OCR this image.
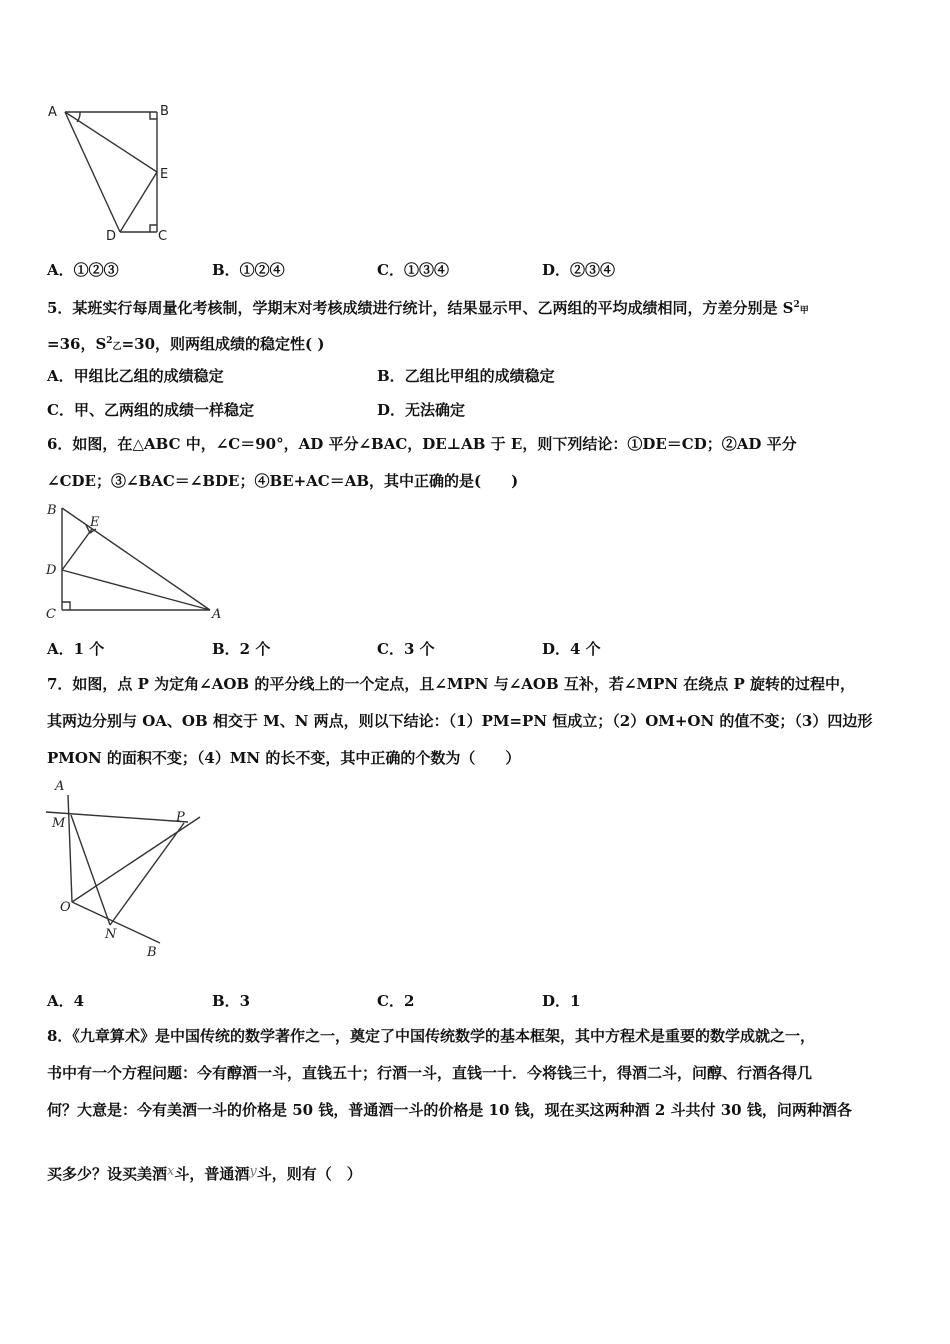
A	B
E
D	C
A．①②③	B．①②④	C．①③④	D．②③④
5．某班实行每周量化考核制，学期末对考核成绩进行统计，结果显示甲、乙两组的平均成绩相同，方差分别是 $S^2$甲
=36，$S^2$乙=30，则两组成绩的稳定性( )
A．甲组比乙组的成绩稳定	B．乙组比甲组的成绩稳定
C．甲、乙两组的成绩一样稳定	D．无法确定
6．如图，在△ABC 中，∠C＝90°，AD 平分∠BAC，DE⊥AB 于 E，则下列结论：①DE＝CD；②AD 平分
∠CDE；③∠BAC＝∠BDE；④BE+AC＝AB，其中正确的是(　　)
B
E
D
C	A
A．1 个	B．2 个	C．3 个	D．4 个
7．如图，点 P 为定角∠AOB 的平分线上的一个定点，且∠MPN 与∠AOB 互补，若∠MPN 在绕点 P 旋转的过程中，
其两边分别与 OA、OB 相交于 M、N 两点，则以下结论：（1）PM=PN 恒成立；（2）OM+ON 的值不变；（3）四边形
PMON 的面积不变；（4）MN 的长不变，其中正确的个数为（　　）
A
M	P
O
N
B
A．4	B．3	C．2	D．1
8．《九章算术》是中国传统的数学著作之一，奠定了中国传统数学的基本框架，其中方程术是重要的数学成就之一，
书中有一个方程问题：今有醇酒一斗，直钱五十；行酒一斗，直钱一十．今将钱三十，得酒二斗，问醇、行酒各得几
何？大意是：今有美酒一斗的价格是 50 钱，普通酒一斗的价格是 10 钱，现在买这两种酒 2 斗共付 30 钱，问两种酒各
买多少？设买美酒x斗，普通酒y斗，则有（　）
